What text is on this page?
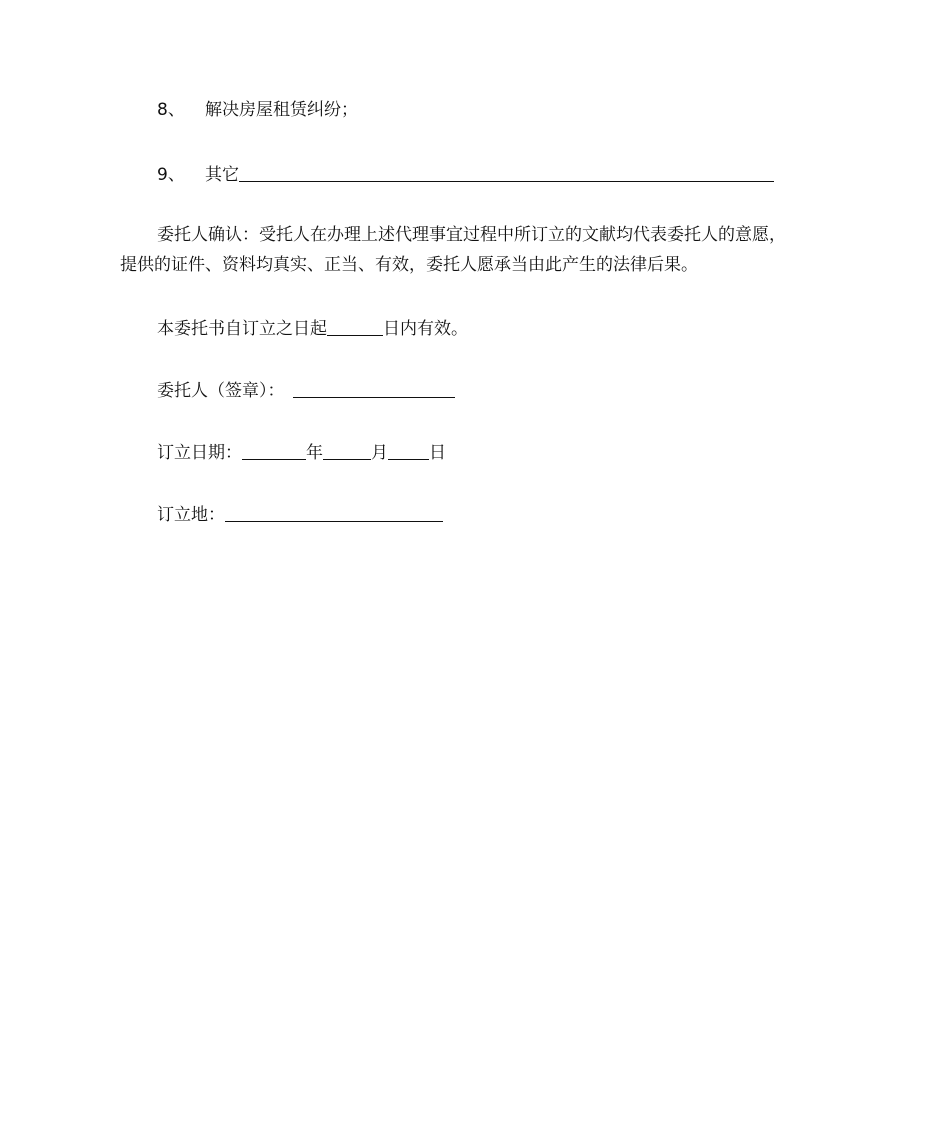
8、 解决房屋租赁纠纷；
9、 其它
委托人确认：受托人在办理上述代理事宜过程中所订立的文献均代表委托人的意愿，
提供的证件、资料均真实、正当、有效，委托人愿承当由此产生的法律后果。
本委托书自订立之日起	日内有效。
委托人（签章）：
订立日期：	年	月 日
订立地：
